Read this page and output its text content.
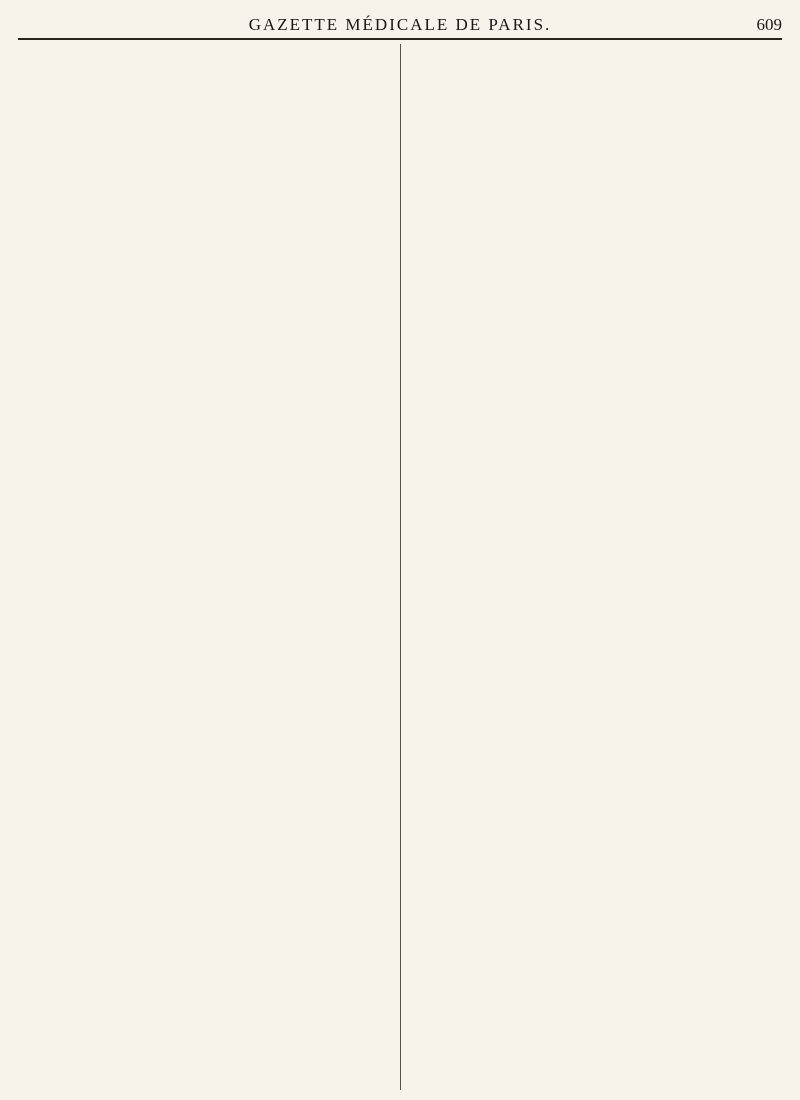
GAZETTE MÉDICALE DE PARIS.	609
